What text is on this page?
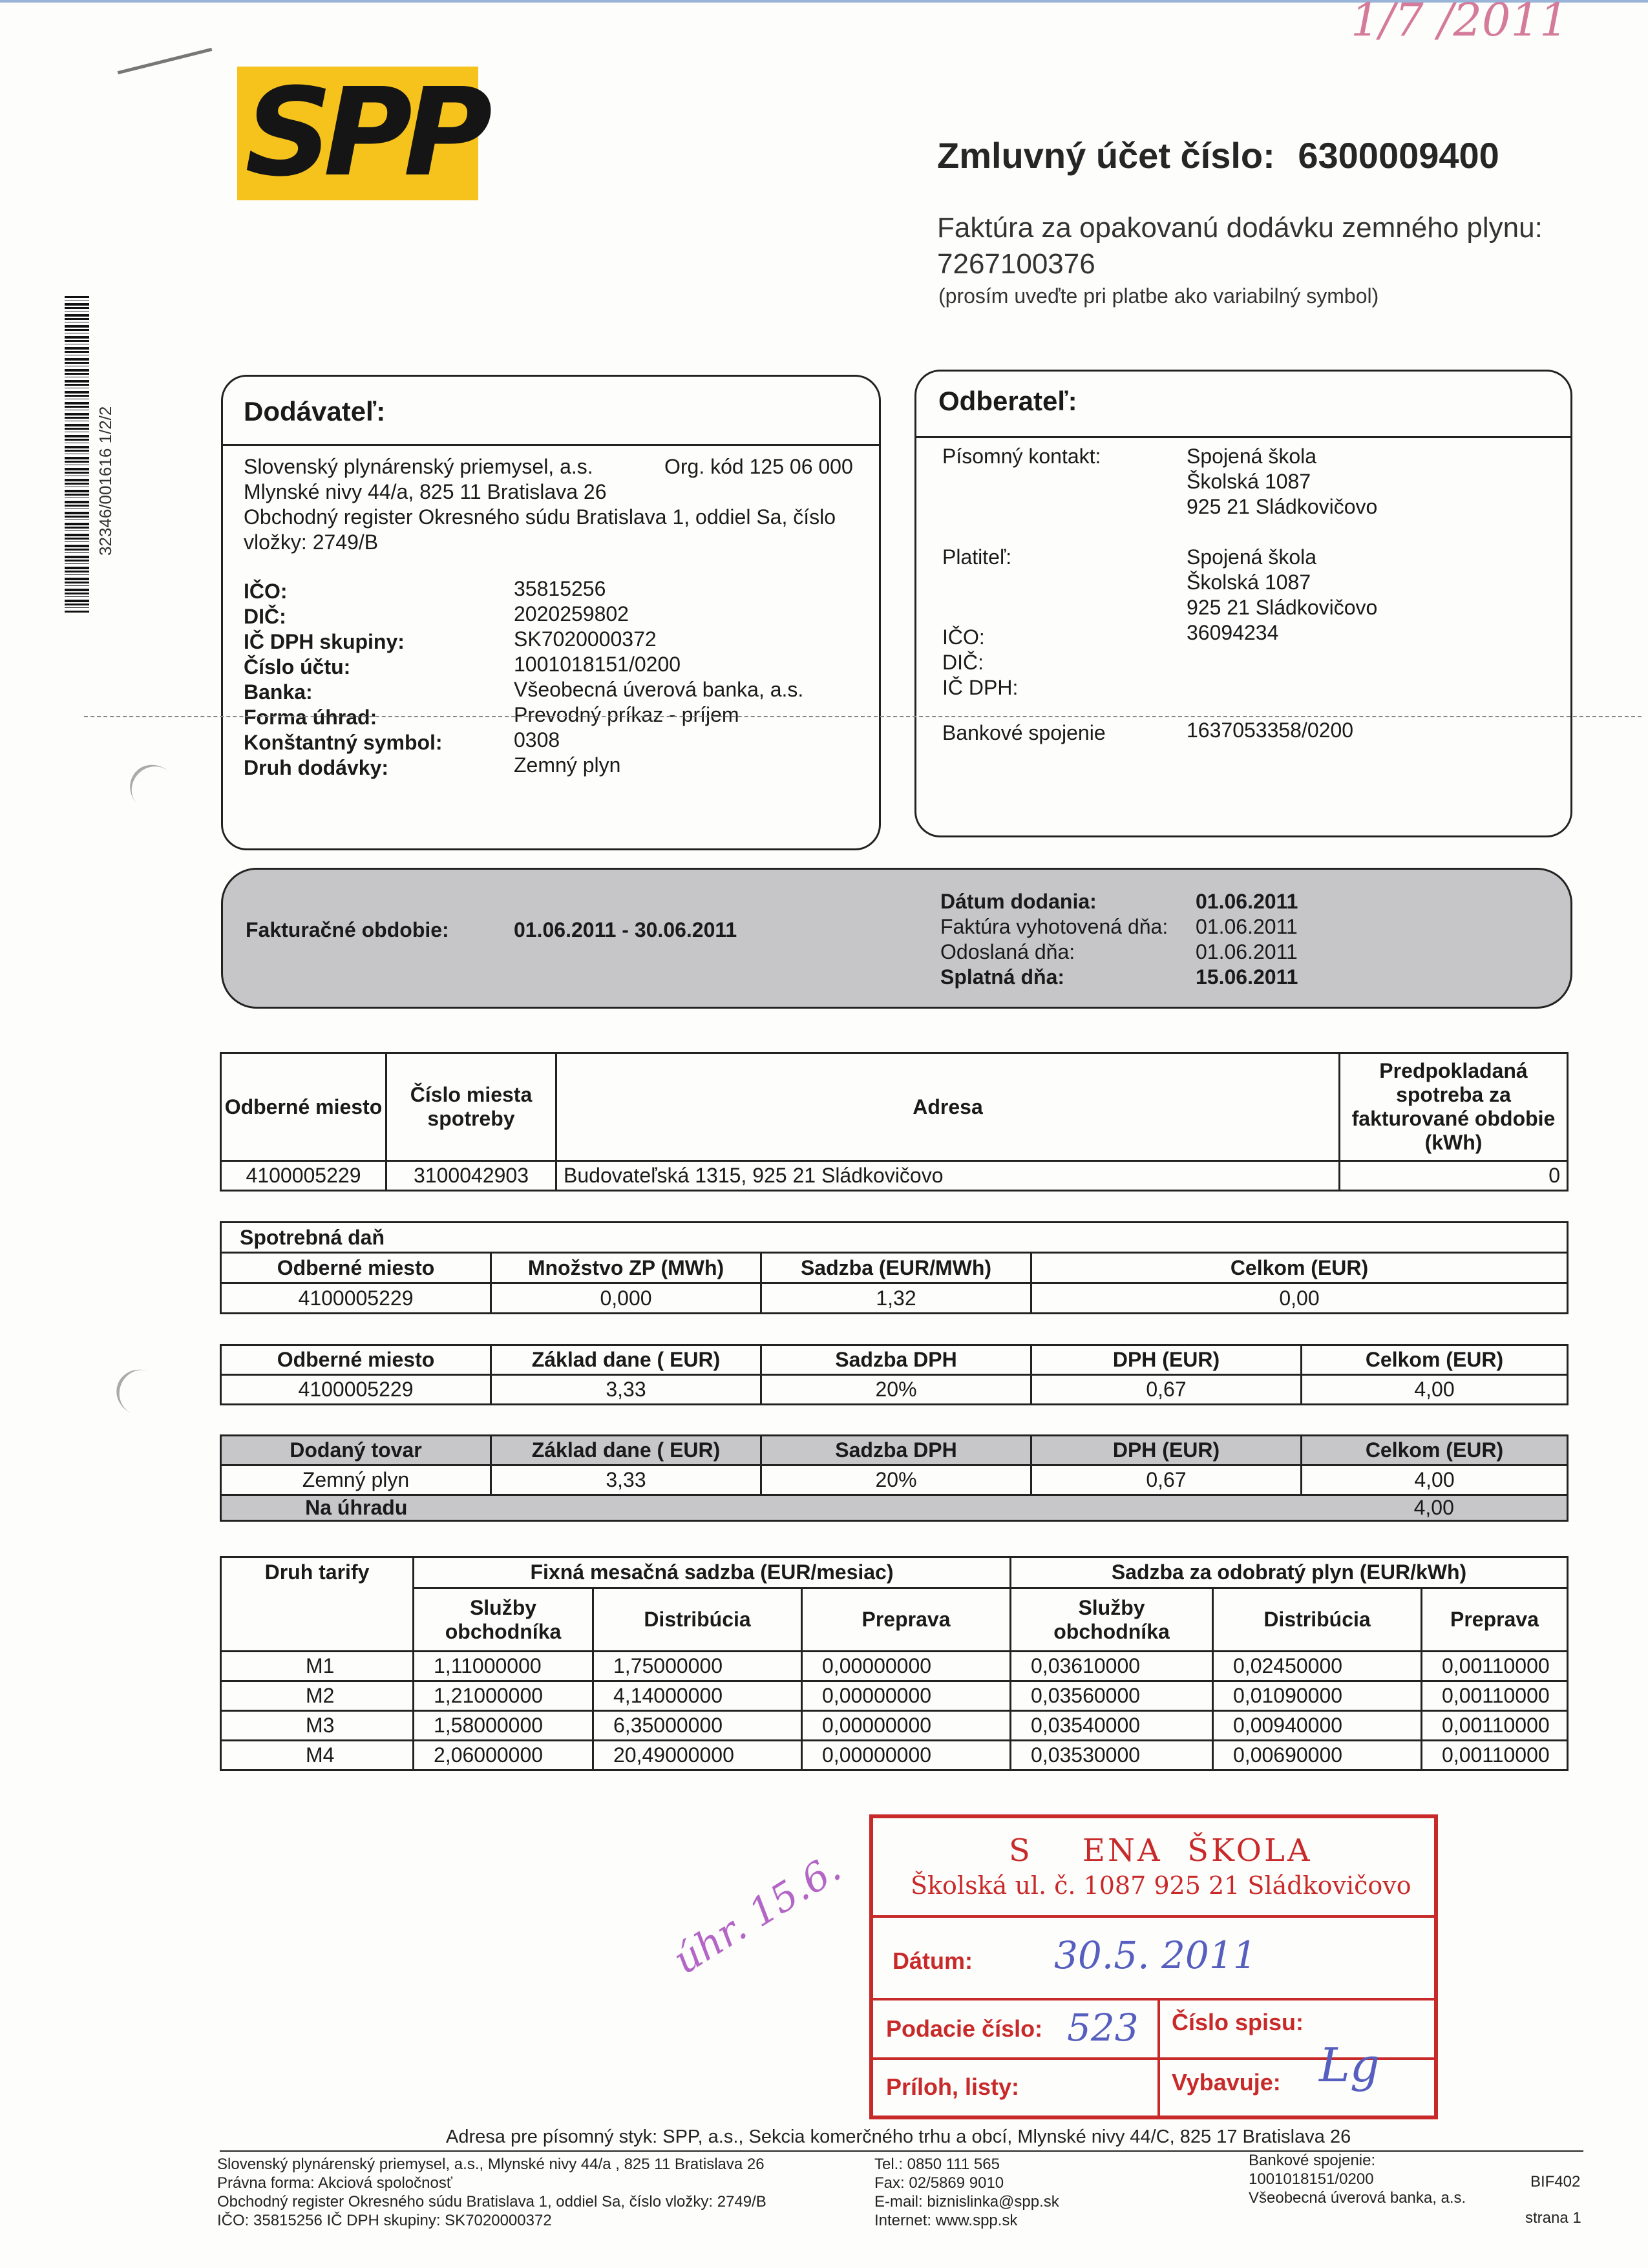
1/7 /2011
SPP	Zmluvný účet číslo: 6300009400
Faktúra za opakovanú dodávku zemného plynu:
7267100376
(prosím uveďte pri platbe ako variabilný symbol)
32346/001616 1/2/2	Dodávateľ:
Slovenský plynárenský priemysel, a.s.	Org. kód 125 06 000
Mlynské nivy 44/a, 825 11 Bratislava 26
Obchodný register Okresného súdu Bratislava 1, oddiel Sa, číslo
vložky: 2749/B
IČO:	35815256
DIČ:	2020259802
IČ DPH skupiny:	SK7020000372
Číslo účtu:	1001018151/0200
Banka:	Všeobecná úverová banka, a.s.
Forma úhrad:	Prevodný príkaz - príjem
Konštantný symbol:	0308
Druh dodávky:	Zemný plyn
Odberateľ:
Písomný kontakt:	Spojená škola
Školská 1087
925 21 Sládkovičovo
Platiteľ:	Spojená škola
Školská 1087
925 21 Sládkovičovo
IČO:	36094234
DIČ:
IČ DPH:
Bankové spojenie	1637053358/0200
Fakturačné obdobie:	01.06.2011 - 30.06.2011
Dátum dodania:	01.06.2011
Faktúra vyhotovená dňa: 01.06.2011
Odoslaná dňa:	01.06.2011
Splatná dňa:	15.06.2011
Odberné miesto	Číslo miesta spotreby	Adresa	Predpokladaná spotreba za fakturované obdobie (kWh)
4100005229	3100042903	Budovateľská 1315, 925 21 Sládkovičovo	0
Spotrebná daň			
Odberné miesto	Množstvo ZP (MWh)	Sadzba (EUR/MWh)	Celkom (EUR)
4100005229	0,000	1,32	0,00
Odberné miesto	Základ dane ( EUR)	Sadzba DPH	DPH (EUR)	Celkom (EUR)
4100005229	3,33	20%	0,67	4,00
Dodaný tovar	Základ dane ( EUR)	Sadzba DPH	DPH (EUR)	Celkom (EUR)
Zemný plyn	3,33	20%	0,67	4,00
Na úhradu				4,00
Druh tarify	Fixná mesačná sadzba (EUR/mesiac)			Sadzba za odobratý plyn (EUR/kWh)		
	Služby obchodníka	Distribúcia	Preprava	Služby obchodníka	Distribúcia	Preprava
M1	1,11000000	1,75000000	0,00000000	0,03610000	0,02450000	0,00110000
M2	1,21000000	4,14000000	0,00000000	0,03560000	0,01090000	0,00110000
M3	1,58000000	6,35000000	0,00000000	0,03540000	0,00940000	0,00110000
M4	2,06000000	20,49000000	0,00000000	0,03530000	0,00690000	0,00110000
úhr. 15.6.	S    ENA  ŠKOLA
Školská ul. č. 1087 925 21 Sládkovičovo
Dátum: 30.5. 2011
Podacie číslo: 523 Číslo spisu:
Príloh, listy:	Vybavuje: Lg
Adresa pre písomný styk: SPP, a.s., Sekcia komerčného trhu a obcí, Mlynské nivy 44/C, 825 17 Bratislava 26
Slovenský plynárenský priemysel, a.s., Mlynské nivy 44/a , 825 11 Bratislava 26
Právna forma: Akciová spoločnosť
Obchodný register Okresného súdu Bratislava 1, oddiel Sa, číslo vložky: 2749/B
IČO: 35815256 IČ DPH skupiny: SK7020000372
Tel.: 0850 111 565
Fax: 02/5869 9010
E-mail: biznislinka@spp.sk
Internet: www.spp.sk
Bankové spojenie:
1001018151/0200
Všeobecná úverová banka, a.s.
BIF402
strana 1
